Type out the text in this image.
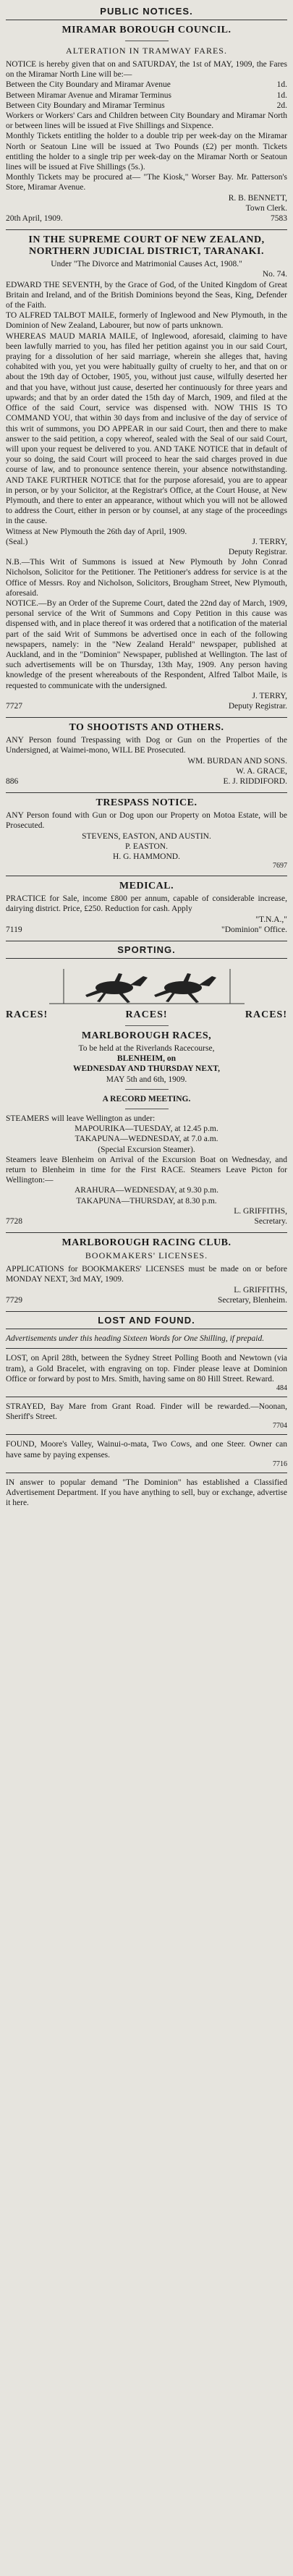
PUBLIC NOTICES.
MIRAMAR BOROUGH COUNCIL.
ALTERATION IN TRAMWAY FARES.

NOTICE is hereby given that on and SATURDAY, the 1st of MAY, 1909, the Fares on the Miramar North Line will be:—

Between the City Boundary and Miramar Avenue	1d.
Between Miramar Avenue and Miramar Terminus	1d.
Between City Boundary and Miramar Terminus	2d.

Workers or Workers' Cars and Children between City Boundary and Miramar North or between lines will be issued at Five Shillings and Sixpence.

Monthly Tickets entitling the holder to a double trip per week-day on the Miramar North or Seatoun Line will be issued at Two Pounds (£2) per month. Tickets entitling the holder to a single trip per week-day on the Miramar North or Seatoun lines will be issued at Five Shillings (5s.).

Monthly Tickets may be procured at— "The Kiosk," Worser Bay. Mr. Patterson's Store, Miramar Avenue.

R. B. BENNETT,
Town Clerk.
20th April, 1909.	7583
IN THE SUPREME COURT OF NEW ZEALAND, NORTHERN JUDICIAL DISTRICT, TARANAKI.
Under "The Divorce and Matrimonial Causes Act, 1908."
No. 74.

EDWARD THE SEVENTH, by the Grace of God, of the United Kingdom of Great Britain and Ireland, and of the British Dominions beyond the Seas, King, Defender of the Faith.

TO ALFRED TALBOT MAILE, formerly of Inglewood and New Plymouth, in the Dominion of New Zealand, Labourer, but now of parts unknown.

WHEREAS MAUD MARIA MAILE, of Inglewood, aforesaid, claiming to have been lawfully married to you, has filed her petition against you in our said Court, praying for a dissolution of her said marriage, wherein she alleges that, having cohabited with you, yet you were habitually guilty of cruelty to her, and that on or about the 19th day of October, 1905, you, without just cause, wilfully deserted her and that you have, without just cause, deserted her continuously for three years and upwards; and that by an order dated the 15th day of March, 1909, and filed at the Office of the said Court, service was dispensed with. NOW THIS IS TO COMMAND YOU, that within 30 days from and inclusive of the day of service of this writ of summons, you DO APPEAR in our said Court, then and there to make answer to the said petition, a copy whereof, sealed with the Seal of our said Court, will upon your request be delivered to you. AND TAKE NOTICE that in default of your so doing, the said Court will proceed to hear the said charges proved in due course of law, and to pronounce sentence therein, your absence notwithstanding. AND TAKE FURTHER NOTICE that for the purpose aforesaid, you are to appear in person, or by your Solicitor, at the Registrar's Office, at the Court House, at New Plymouth, and there to enter an appearance, without which you will not be allowed to address the Court, either in person or by counsel, at any stage of the proceedings in the cause.

Witness at New Plymouth the 26th day of April, 1909.

(Seal.)	J. TERRY,
Deputy Registrar.

N.B.—This Writ of Summons is issued at New Plymouth by John Conrad Nicholson, Solicitor for the Petitioner. The Petitioner's address for service is at the Office of Messrs. Roy and Nicholson, Solicitors, Brougham Street, New Plymouth, aforesaid.

NOTICE.—By an Order of the Supreme Court, dated the 22nd day of March, 1909, personal service of the Writ of Summons and Copy Petition in this cause was dispensed with, and in place thereof it was ordered that a notification of the material part of the said Writ of Summons be advertised once in each of the following newspapers, namely: in the "New Zealand Herald" newspaper, published at Auckland, and in the "Dominion" Newspaper, published at Wellington. The last of such advertisements will be on Thursday, 13th May, 1909. Any person having knowledge of the present whereabouts of the Respondent, Alfred Talbot Maile, is requested to communicate with the undersigned.

J. TERRY,
7727	Deputy Registrar.
TO SHOOTISTS AND OTHERS.

ANY Person found Trespassing with Dog or Gun on the Properties of the Undersigned, at Waimei-mono, WILL BE Prosecuted.

WM. BURDAN AND SONS.
W. A. GRACE,
886	E. J. RIDDIFORD.
TRESPASS NOTICE.

ANY Person found with Gun or Dog upon our Property on Motoa Estate, will be Prosecuted.

STEVENS, EASTON, AND AUSTIN.
P. EASTON.
H. G. HAMMOND.
7697
MEDICAL.

PRACTICE for Sale, income £800 per annum, capable of considerable increase, dairying district. Price, £250. Reduction for cash. Apply

"T.N.A.,"
7119	"Dominion" Office.
SPORTING.
RACES!	RACES!	RACES!
MARLBOROUGH RACES,
To be held at the Riverlands Racecourse,
BLENHEIM, on
WEDNESDAY AND THURSDAY NEXT,
MAY 5th and 6th, 1909.
A RECORD MEETING.

STEAMERS will leave Wellington as under:

MAPOURIKA—TUESDAY, at 12.45 p.m.
TAKAPUNA—WEDNESDAY, at 7.0 a.m.
(Special Excursion Steamer).

Steamers leave Blenheim on Arrival of the Excursion Boat on Wednesday, and return to Blenheim in time for the First RACE. Steamers Leave Picton for Wellington:—

ARAHURA—WEDNESDAY, at 9.30 p.m.
TAKAPUNA—THURSDAY, at 8.30 p.m.
L. GRIFFITHS,
7728	Secretary.
MARLBOROUGH RACING CLUB.
BOOKMAKERS' LICENSES.

APPLICATIONS for BOOKMAKERS' LICENSES must be made on or before MONDAY NEXT, 3rd MAY, 1909.

L. GRIFFITHS,
7729	Secretary, Blenheim.
LOST AND FOUND.

Advertisements under this heading Sixteen Words for One Shilling, if prepaid.

LOST, on April 28th, between the Sydney Street Polling Booth and Newtown (via tram), a Gold Bracelet, with engraving on top. Finder please leave at Dominion Office or forward by post to Mrs. Smith, having same on 80 Hill Street. Reward.

484

STRAYED, Bay Mare from Grant Road. Finder will be rewarded.—Noonan, Sheriff's Street.

7704

FOUND, Moore's Valley, Wainui-o-mata, Two Cows, and one Steer. Owner can have same by paying expenses.

7716

IN answer to popular demand "The Dominion" has established a Classified Advertisement Department. If you have anything to sell, buy or exchange, advertise it here.
